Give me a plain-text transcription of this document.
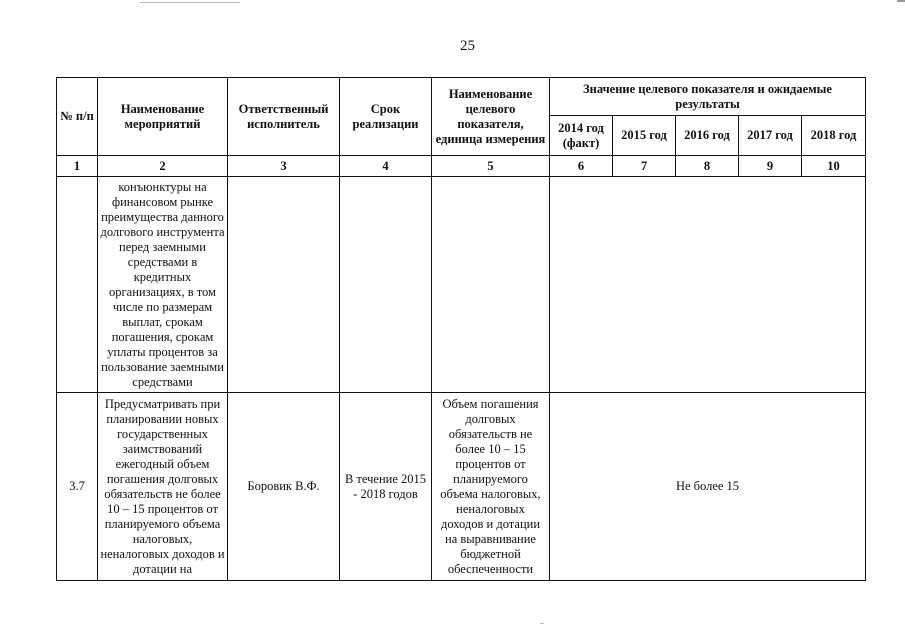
25
№ п/п	Наименование мероприятий	Ответственный исполнитель	Срок реализации	Наименование целевого показателя, единица измерения	Значение целевого показателя и ожидаемые результаты				
					2014 год (факт)	2015 год	2016 год	2017 год	2018 год
1	2	3	4	5	6	7	8	9	10
	конъюнктуры на финансовом рынке преимущества данного долгового инструмента перед заемными средствами в кредитных организациях, в том числе по размерам выплат, срокам погашения, срокам уплаты процентов за пользование заемными средствами								
3.7	Предусматривать при планировании новых государственных заимствований ежегодный объем погашения долговых обязательств не более 10 – 15 процентов от планируемого объема налоговых, неналоговых доходов и дотации на	Боровик В.Ф.	В течение 2015 - 2018 годов	Объем погашения долговых обязательств не более 10 – 15 процентов от планируемого объема налоговых, неналоговых доходов и дотации на выравнивание бюджетной обеспеченности	Не более 15				
